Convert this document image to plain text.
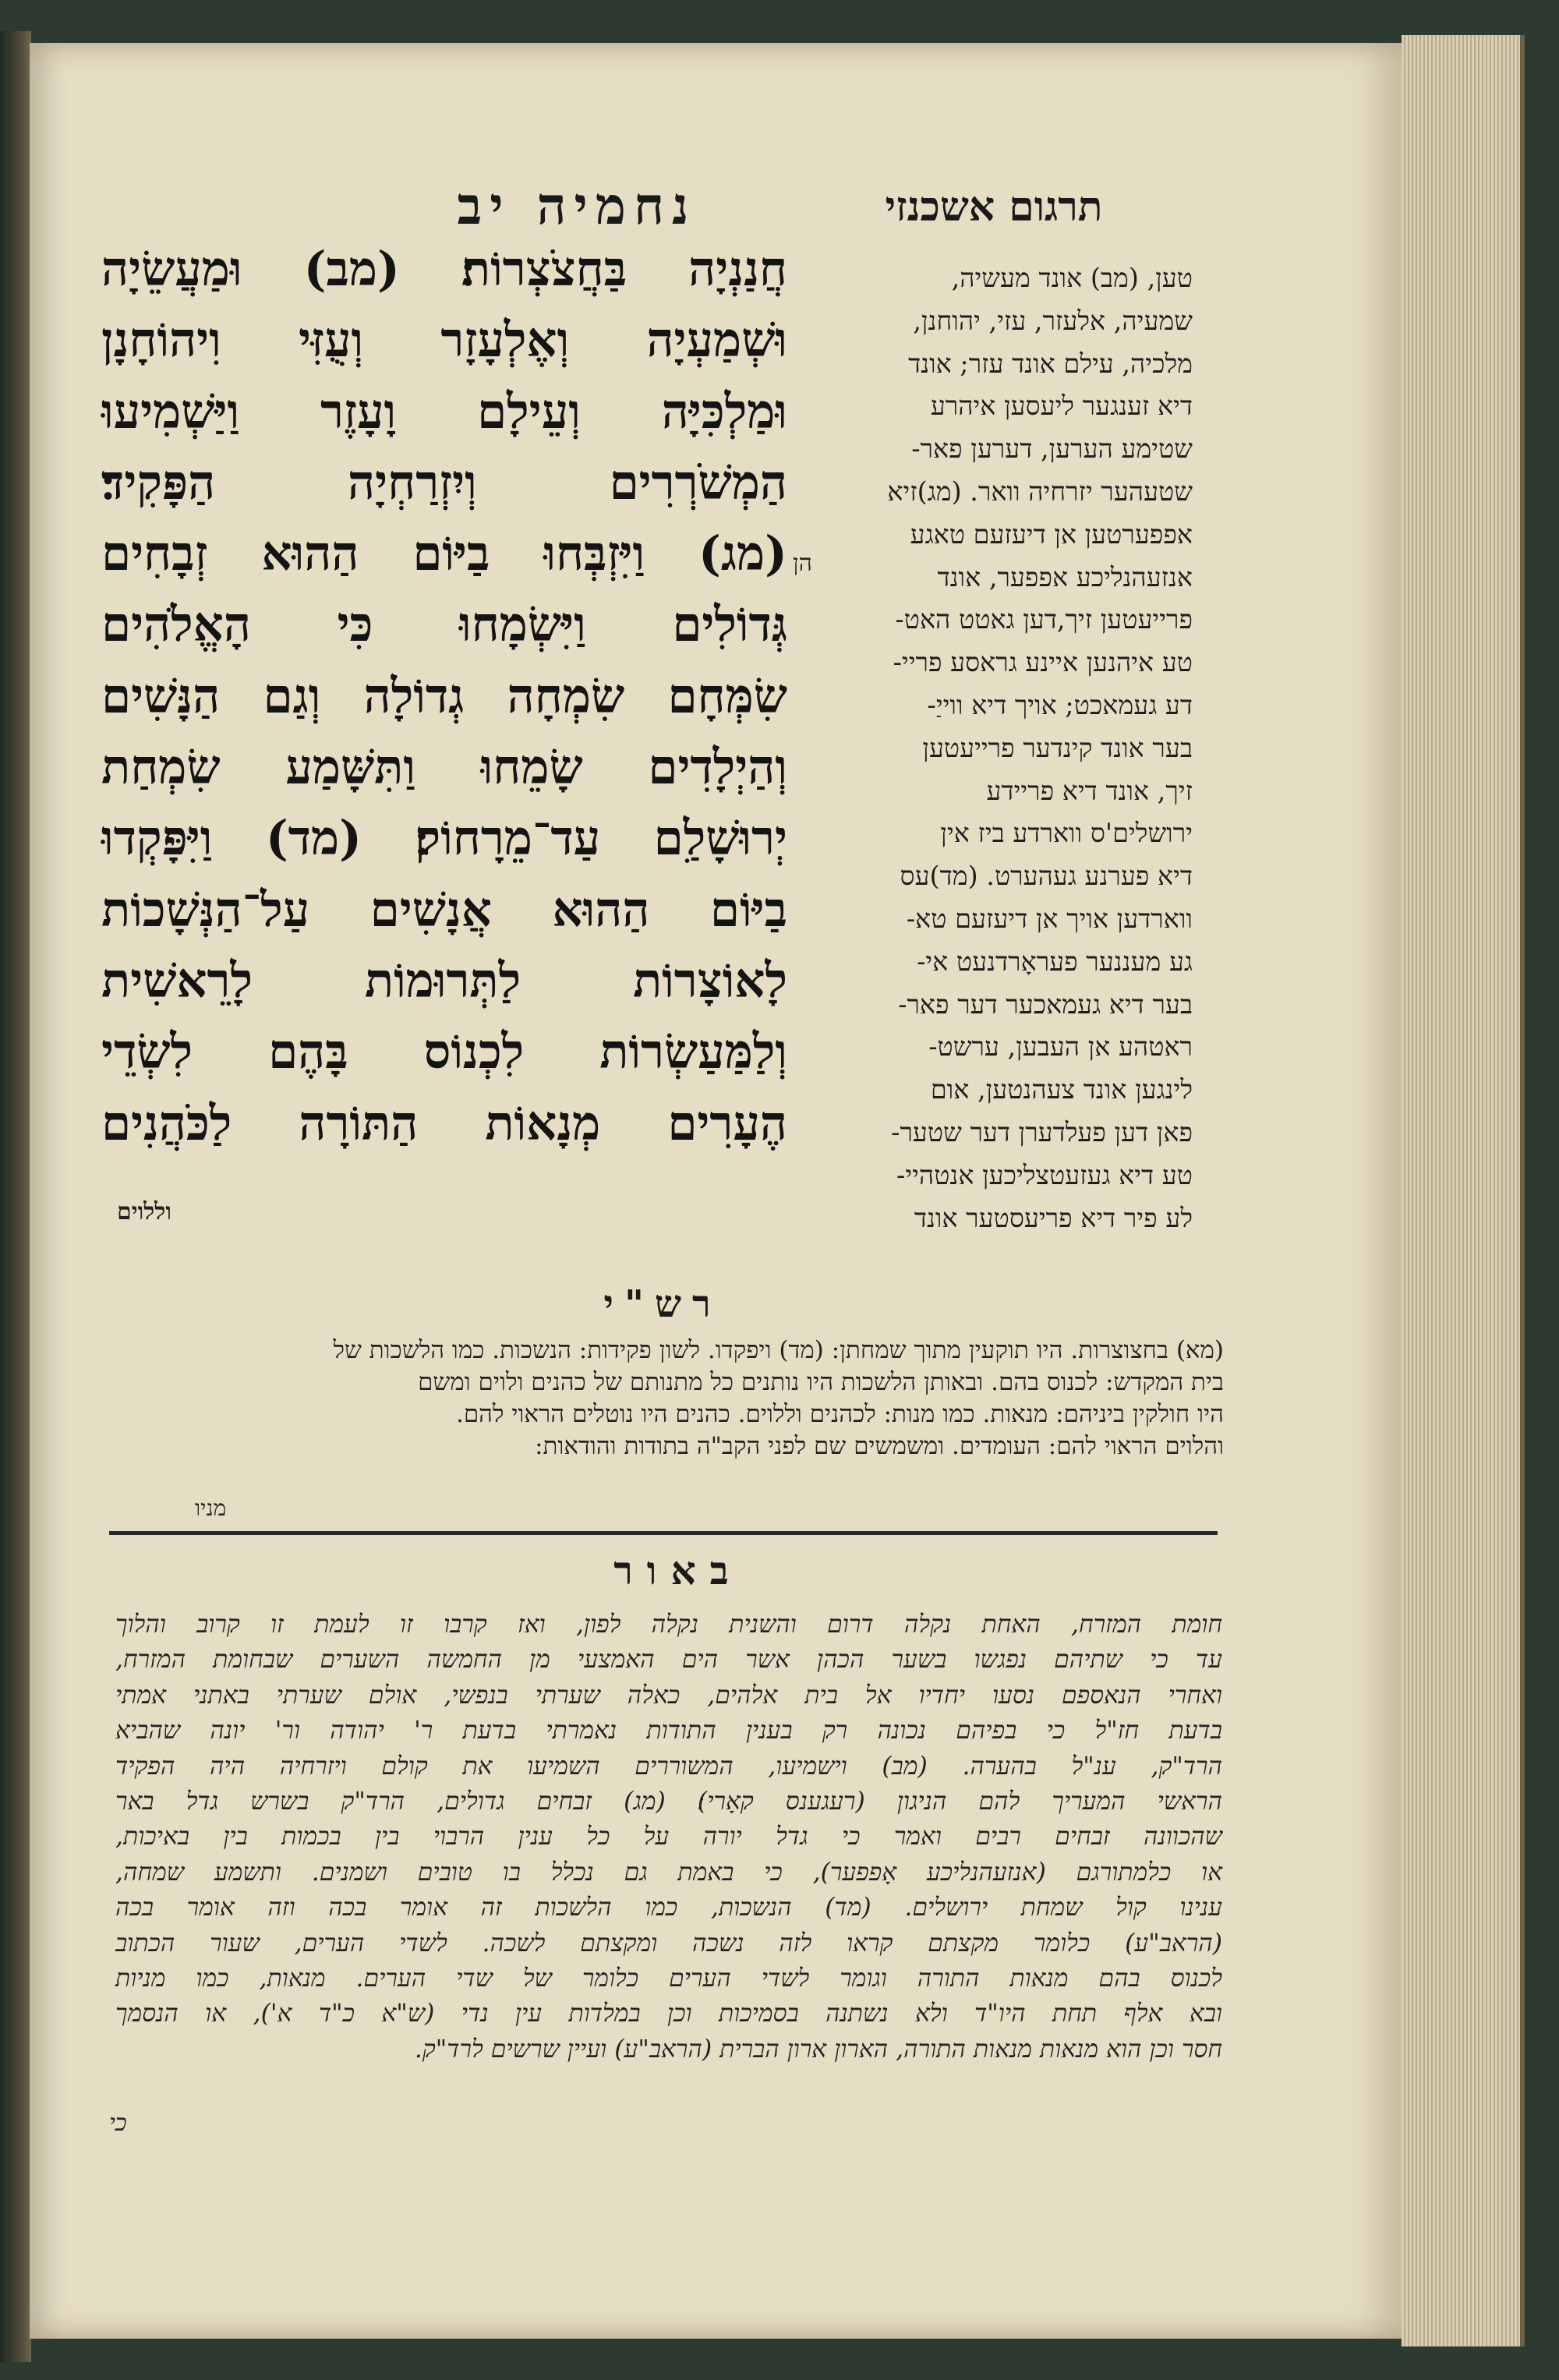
תרגום אשכנזי
נחמיה יב
טען, (מב) אונד מעשיה,
שמעיה, אלעזר, עזי, יהוחנן,
מלכיה, עילם אונד עזר; אונד
דיא זענגער ליעסען איהרע
שטימע הערען, דערען פאר-
שטעהער יזרחיה וואר. (מג)זיא
אפפערטען אן דיעזעם טאגע
אנזעהנליכע אפפער, אונד
פרייעטען זיך,דען גאטט האט-
טע איהנען איינע גראסע פריי-
דע געמאכט; אויך דיא ווייַ-
בער אונד קינדער פרייעטען
זיך, אונד דיא פריידע
ירושלים'ס ווארדע ביז אין
דיא פערנע געהערט. (מד)עס
ווארדען אויך אן דיעזעם טא-
גע מעננער פעראָרדנעט אי-
בער דיא געמאכער דער פאר-
ראטהע אן העבען, ערשט-
לינגען אונד צעהנטען, אום
פאן דען פעלדערן דער שטער-
טע דיא געזעטצליכען אנטהיי-
לע פיר דיא פריעסטער אונד
הן
חֲנַנְיָה בַּחֲצֹצְרוֹת׃ (מב) וּמַעֲשֵׂיָה
וּשְׁמַעְיָה וְאֶלְעָזָר וְעֻזִּי וִיהוֹחָנָן
וּמַלְכִּיָּה וְעֵילָם וָעָזֶר וַיַּשְׁמִיעוּ
הַמְשֹׁרְרִים וְיִזְרַחְיָה הַפָּקִיד׃
(מג) וַיִּזְבְּחוּ בַיּוֹם הַהוּא זְבָחִים
גְּדוֹלִים וַיִּשְׂמָחוּ כִּי הָאֱלֹהִים
שִׂמְּחָם שִׂמְחָה גְדוֹלָה וְגַם הַנָּשִׁים
וְהַיְלָדִים שָׂמֵחוּ וַתִּשָּׁמַע שִׂמְחַת
יְרוּשָׁלִַם עַד־מֵרָחוֹק׃ (מד) וַיִּפָּקְדוּ
בַיּוֹם הַהוּא אֲנָשִׁים עַל־הַנְּשָׁכוֹת
לָאוֹצָרוֹת לַתְּרוּמוֹת לָרֵאשִׁית
וְלַמַּעַשְׂרוֹת לִכְנוֹס בָּהֶם לִשְׂדֵי
הֶעָרִים מְנָאוֹת הַתּוֹרָה לַכֹּהֲנִים
וללוים
רש"י
(מא) בחצוצרות. היו תוקעין מתוך שמחתן: (מד) ויפקדו. לשון פקידות: הנשכות. כמו הלשכות של
בית המקדש: לכנוס בהם. ובאותן הלשכות היו נותנים כל מתנותם של כהנים ולוים ומשם
היו חולקין ביניהם: מנאות. כמו מנות: לכהנים וללוים. כהנים היו נוטלים הראוי להם.
והלוים הראוי להם: העומדים. ומשמשים שם לפני הקב"ה בתודות והודאות:
מניו
באור
חומת המזרח, האחת נקלה דרום והשנית נקלה לפון, ואז קרבו זו לעמת זו קרוב והלוך
עד כי שתיהם נפגשו בשער הכהן אשר הים האמצעי מן החמשה השערים שבחומת המזרח,
ואחרי הנאספם נסעו יחדיו אל בית אלהים, כאלה שערתי בנפשי, אולם שערתי באתני אמתי
בדעת חז"ל כי בפיהם נכונה רק בענין התודות נאמרתי בדעת ר' יהודה ור' יונה שהביא
הרד"ק, ענ"ל בהערה. (מב) וישמיעו, המשוררים השמיעו את קולם ויזרחיה היה הפקיד
הראשי המעריך להם הניגון (רעגענס קאָרי)׃ (מג) זבחים גדולים, הרד"ק בשרש גדל באר
שהכוונה זבחים רבים ואמר כי גדל יורה על כל ענין הרבוי בין בכמות בין באיכות,
או כלמתורגם (אנזעהנליכע אָפפער), כי באמת גם נכלל בו טובים ושמנים. ותשמע שמחה,
ענינו קול שמחת ירושלים. (מד) הנשכות, כמו הלשכות זה אומר בכה וזה אומר בכה
(הראב"ע) כלומר מקצתם קראו לזה נשכה ומקצתם לשכה. לשדי הערים, שעור הכתוב
לכנוס בהם מנאות התורה וגומר לשדי הערים כלומר של שדי הערים. מנאות, כמו מניות
ובא אלף תחת היו"ד ולא נשתנה בסמיכות וכן במלדות עין נדי (ש"א כ"ד א'), או הנסמך
חסר וכן הוא מנאות מנאות התורה, הארון ארון הברית (הראב"ע) ועיין שרשים לרד"ק.
כי
